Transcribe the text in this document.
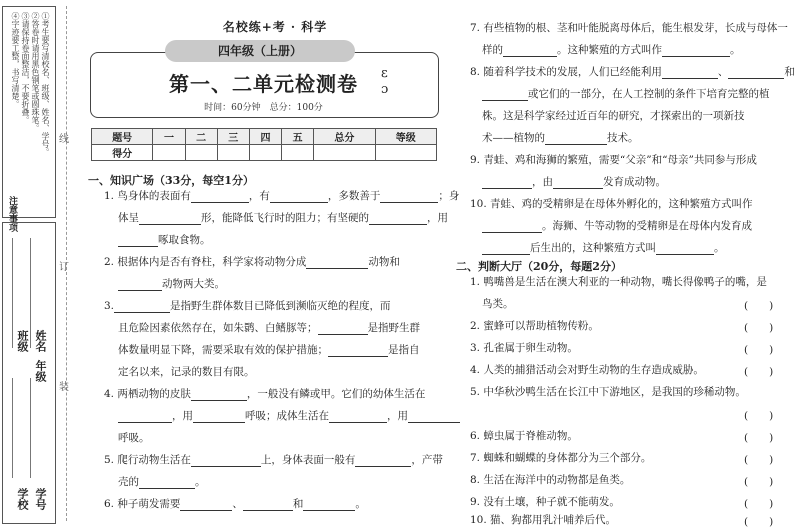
①考生要写清校名、班级、姓名、学号。
②答卷时请用黑色钢笔或圆珠笔。
③请保持卷面整洁，不要折叠。
④字迹要工整，书写清楚。
注意事项
班级 姓名
年级
学校 学号
线
订
装
名校练+考 · 科学
四年级（上册）
第一、二单元检测卷
时间：60分钟　总分：100分
ε
ɔ
题号	一	二	三	四	五	总分	等级
得分							
一、知识广场（33分，每空1分）
1. 鸟身体的表面有	，有	，多数善于	；身
体呈	形，能降低飞行时的阻力；有坚硬的	，用
啄取食物。
2. 根据体内是否有脊柱，科学家将动物分成	动物和
动物两大类。
3.	是指野生群体数目已降低到濒临灭绝的程度，而
且危险因素依然存在，如朱鹮、白鳍豚等；	是指野生群
体数量明显下降，需要采取有效的保护措施；	是指自
定名以来，记录的数目有限。
4. 两栖动物的皮肤	，一般没有鳞或甲。它们的幼体生活在
，用	呼吸；成体生活在	，用
呼吸。
5. 爬行动物生活在	上，身体表面一般有	，产带
壳的	。
6. 种子萌发需要	、	和	。
7. 有些植物的根、茎和叶能脱离母体后，能生根发芽，长成与母体一
样的	。这种繁殖的方式叫作	。
8. 随着科学技术的发展，人们已经能利用	、	和
或它们的一部分，在人工控制的条件下培育完整的植
株。这是科学家经过近百年的研究，才探索出的一项新技
术——植物的	技术。
9. 青蛙、鸡和海狮的繁殖，需要“父亲”和“母亲”共同参与形成
，由	发育成动物。
10. 青蛙、鸡的受精卵是在母体外孵化的，这种繁殖方式叫作
。海狮、牛等动物的受精卵是在母体内发育成
后生出的，这种繁殖方式叫	。
二、判断大厅（20分，每题2分）
1. 鸭嘴兽是生活在澳大利亚的一种动物，嘴长得像鸭子的嘴，是
鸟类。	(　　)
2. 蜜蜂可以帮助植物传粉。	(　　)
3. 孔雀属于卵生动物。	(　　)
4. 人类的捕猎活动会对野生动物的生存造成威胁。	(　　)
5. 中华秋沙鸭生活在长江中下游地区，是我国的珍稀动物。
(　　)
6. 蟑虫属于脊椎动物。	(　　)
7. 蜘蛛和蝴蝶的身体都分为三个部分。	(　　)
8. 生活在海洋中的动物都是鱼类。	(　　)
9. 没有土壤，种子就不能萌发。	(　　)
10. 猫、狗都用乳汁哺养后代。	(　　)
